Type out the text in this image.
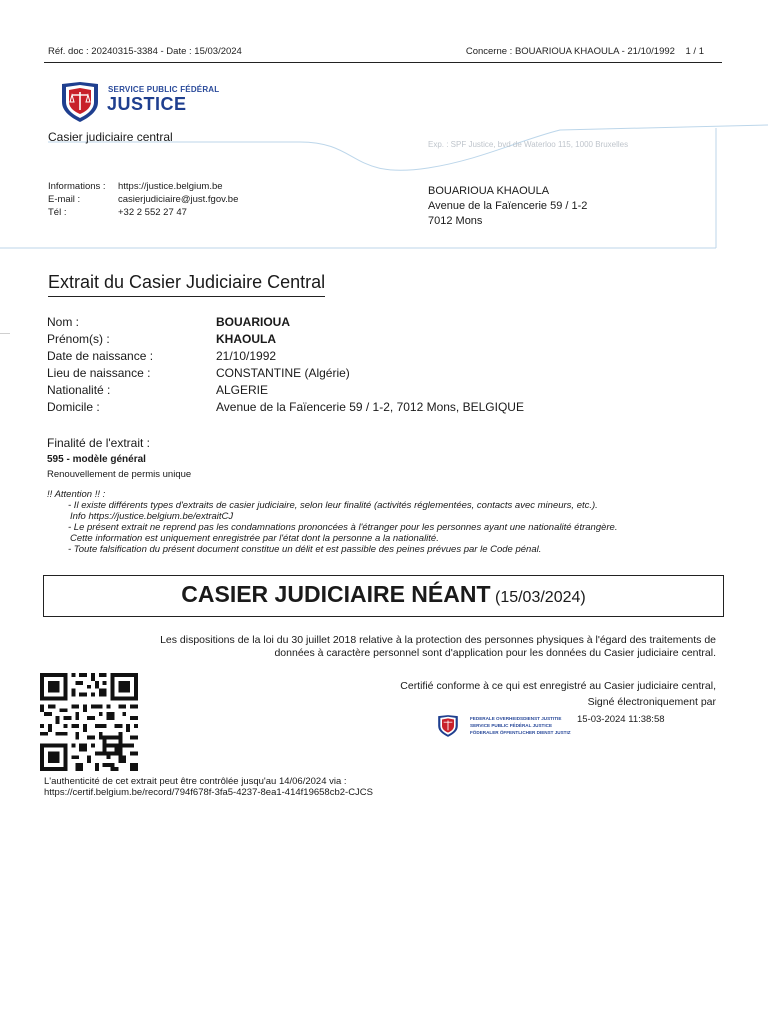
Réf. doc : 20240315-3384 - Date : 15/03/2024	Concerne : BOUARIOUA KHAOULA - 21/10/1992 1 / 1
SERVICE PUBLIC FÉDÉRAL
JUSTICE
Casier judiciaire central
Exp. : SPF Justice, bvd de Waterloo 115, 1000 Bruxelles
Informations : https://justice.belgium.be
E-mail :	casierjudiciaire@just.fgov.be
Tél :	+32 2 552 27 47
BOUARIOUA KHAOULA
Avenue de la Faïencerie 59 / 1-2
7012 Mons
Extrait du Casier Judiciaire Central
Nom :	BOUARIOUA
Prénom(s) :	KHAOULA
Date de naissance :	21/10/1992
Lieu de naissance :	CONSTANTINE (Algérie)
Nationalité :	ALGERIE
Domicile :	Avenue de la Faïencerie 59 / 1-2, 7012 Mons, BELGIQUE
Finalité de l'extrait :
595 - modèle général
Renouvellement de permis unique
!! Attention !! :
- Il existe différents types d'extraits de casier judiciaire, selon leur finalité (activités réglementées, contacts avec mineurs, etc.).
Info https://justice.belgium.be/extraitCJ
- Le présent extrait ne reprend pas les condamnations prononcées à l'étranger pour les personnes ayant une nationalité étrangère.
Cette information est uniquement enregistrée par l'état dont la personne a la nationalité.
- Toute falsification du présent document constitue un délit et est passible des peines prévues par le Code pénal.
CASIER JUDICIAIRE NÉANT (15/03/2024)
Les dispositions de la loi du 30 juillet 2018 relative à la protection des personnes physiques à l'égard des traitements de
données à caractère personnel sont d'application pour les données du Casier judiciaire central.
Certifié conforme à ce qui est enregistré au Casier judiciaire central,
Signé électroniquement par
FEDERALE OVERHEIDSDIENST JUSTITIE
SERVICE PUBLIC FÉDÉRAL JUSTICE
FÖDERALER ÖFFENTLICHER DIENST JUSTIZ
15-03-2024 11:38:58
L'authenticité de cet extrait peut être contrôlée jusqu'au 14/06/2024 via :
https://certif.belgium.be/record/794f678f-3fa5-4237-8ea1-414f19658cb2-CJCS
